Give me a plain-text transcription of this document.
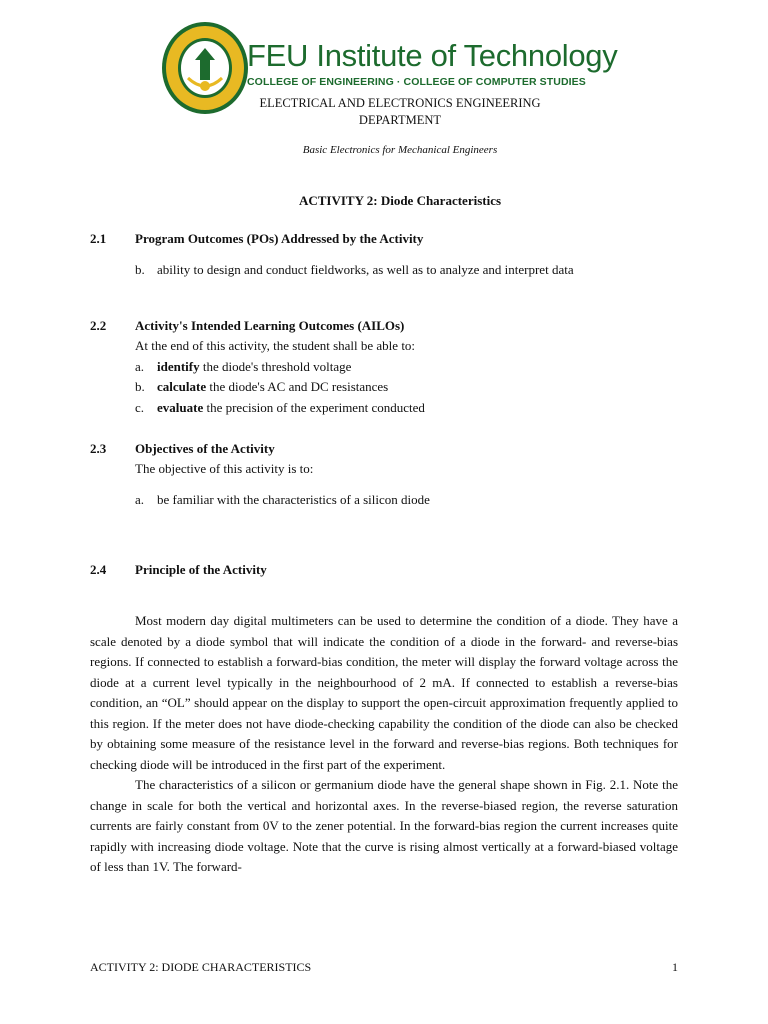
FEU Institute of Technology
COLLEGE OF ENGINEERING · COLLEGE OF COMPUTER STUDIES
ELECTRICAL AND ELECTRONICS ENGINEERING
DEPARTMENT
Basic Electronics for Mechanical Engineers
ACTIVITY 2: Diode Characteristics
2.1 Program Outcomes (POs) Addressed by the Activity
b. ability to design and conduct fieldworks, as well as to analyze and interpret data
2.2 Activity's Intended Learning Outcomes (AILOs)
At the end of this activity, the student shall be able to:
a. identify the diode's threshold voltage
b. calculate the diode's AC and DC resistances
c. evaluate the precision of the experiment conducted
2.3 Objectives of the Activity
The objective of this activity is to:
a. be familiar with the characteristics of a silicon diode
2.4 Principle of the Activity

Most modern day digital multimeters can be used to determine the condition of a diode. They have a scale denoted by a diode symbol that will indicate the condition of a diode in the forward- and reverse-bias regions. If connected to establish a forward-bias condition, the meter will display the forward voltage across the diode at a current level typically in the neighbourhood of 2 mA. If connected to establish a reverse-bias condition, an “OL” should appear on the display to support the open-circuit approximation frequently applied to this region. If the meter does not have diode-checking capability the condition of the diode can also be checked by obtaining some measure of the resistance level in the forward and reverse-bias regions. Both techniques for checking diode will be introduced in the first part of the experiment.

The characteristics of a silicon or germanium diode have the general shape shown in Fig. 2.1. Note the change in scale for both the vertical and horizontal axes. In the reverse-biased region, the reverse saturation currents are fairly constant from 0V to the zener potential. In the forward-bias region the current increases quite rapidly with increasing diode voltage. Note that the curve is rising almost vertically at a forward-biased voltage of less than 1V. The forward-

ACTIVITY 2: DIODE CHARACTERISTICS	1
